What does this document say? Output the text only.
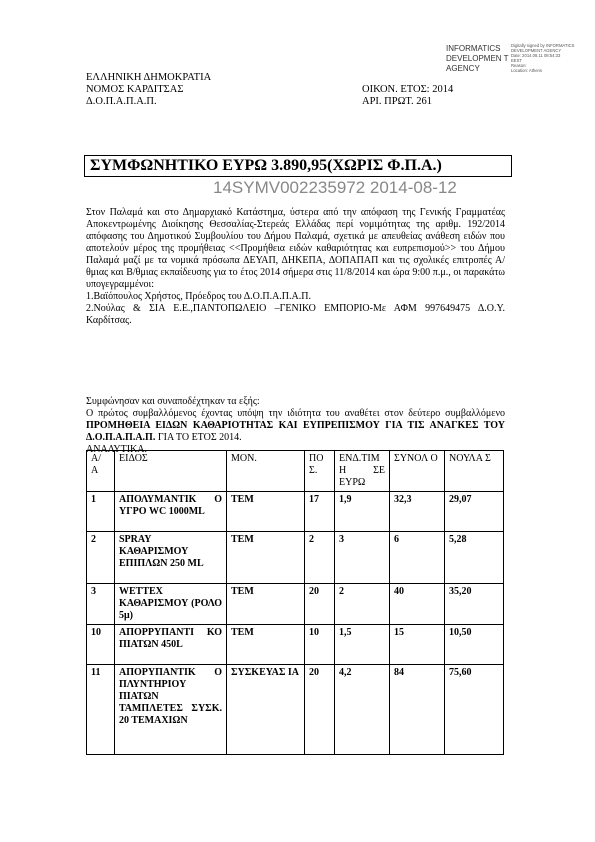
INFORMATICS DEVELOPMEN T AGENCY
Digitally signed by INFORMATICS
DEVELOPMENT AGENCY
Date: 2014.08.11 08:54:33
EEST
Reason:
Location: Athens
ΕΛΛΗΝΙΚΗ ΔΗΜΟΚΡΑΤΙΑ
ΝΟΜΟΣ ΚΑΡΔΙΤΣΑΣ
Δ.Ο.Π.Α.Π.Α.Π.
ΟΙΚΟΝ. ΕΤΟΣ: 2014
ΑΡΙ. ΠΡΩΤ. 261
ΣΥΜΦΩΝΗΤΙΚΟ ΕΥΡΩ 3.890,95(ΧΩΡΙΣ Φ.Π.Α.)
14SYMV002235972 2014-08-12
Στον Παλαμά και στο Δημαρχιακό Κατάστημα, ύστερα από την απόφαση της Γενικής Γραμματέας Αποκεντρωμένης Διοίκησης Θεσσαλίας-Στερεάς Ελλάδας περί νομιμότητας της αριθμ. 192/2014 απόφασης του Δημοτικού Συμβουλίου του Δήμου Παλαμά, σχετικά με απευθείας ανάθεση ειδών που αποτελούν μέρος της προμήθειας <<Προμήθεια ειδών καθαριότητας και ευπρεπισμού>> του Δήμου Παλαμά μαζί με τα νομικά πρόσωπα ΔΕΥΑΠ, ΔΗΚΕΠΑ, ΔΟΠΑΠΑΠ και τις σχολικές επιτροπές Α/θμιας και Β/θμιας εκπαίδευσης για το έτος 2014 σήμερα στις 11/8/2014 και ώρα 9:00 π.μ., οι παρακάτω υπογεγραμμένοι:
1.Βαϊόπουλος Χρήστος, Πρόεδρος του Δ.Ο.Π.Α.Π.Α.Π.
2.Νούλας & ΣΙΑ Ε.Ε.,ΠΑΝΤΟΠΩΛΕΙΟ –ΓΕΝΙΚΟ ΕΜΠΟΡΙΟ-Με ΑΦΜ 997649475 Δ.Ο.Υ. Καρδίτσας.
Συμφώνησαν και συναποδέχτηκαν τα εξής:
Ο πρώτος συμβαλλόμενος έχοντας υπόψη την ιδιότητα του αναθέτει στον δεύτερο συμβαλλόμενο ΠΡΟΜΗΘΕΙΑ ΕΙΔΩΝ ΚΑΘΑΡΙΟΤΗΤΑΣ ΚΑΙ ΕΥΠΡΕΠΙΣΜΟΥ ΓΙΑ ΤΙΣ ΑΝΑΓΚΕΣ ΤΟΥ Δ.Ο.Π.Α.Π.Α.Π. ΓΙΑ ΤΟ ΕΤΟΣ 2014.
ΑΝΑΛΥΤΙΚΑ.
Α/ Α	ΕΙΔΟΣ	ΜΟΝ.	ΠΟ Σ.	ΕΝΔ.ΤΙΜ Η ΣΕ ΕΥΡΩ	ΣΥΝΟΛ Ο	ΝΟΥΛΑ Σ
1	ΑΠΟΛΥΜΑΝΤΙΚ Ο ΥΓΡΟ WC 1000ML	ΤΕΜ	17	1,9	32,3	29,07
2	SPRAY ΚΑΘΑΡΙΣΜΟΥ ΕΠΙΠΛΩΝ 250 ML	ΤΕΜ	2	3	6	5,28
3	WETTEX ΚΑΘΑΡΙΣΜΟΥ (ΡΟΛΟ 5μ)	ΤΕΜ	20	2	40	35,20
10	ΑΠΟΡΡΥΠΑΝΤΙ ΚΟ ΠΙΑΤΩΝ 450L	ΤΕΜ	10	1,5	15	10,50
11	ΑΠΟΡΥΠΑΝΤΙΚ Ο ΠΛΥΝΤΗΡΙΟΥ ΠΙΑΤΩΝ ΤΑΜΠΛΕΤΕΣ ΣΥΣΚ. 20 ΤΕΜΑΧΙΩΝ	ΣΥΣΚΕΥΑΣ ΙΑ	20	4,2	84	75,60
